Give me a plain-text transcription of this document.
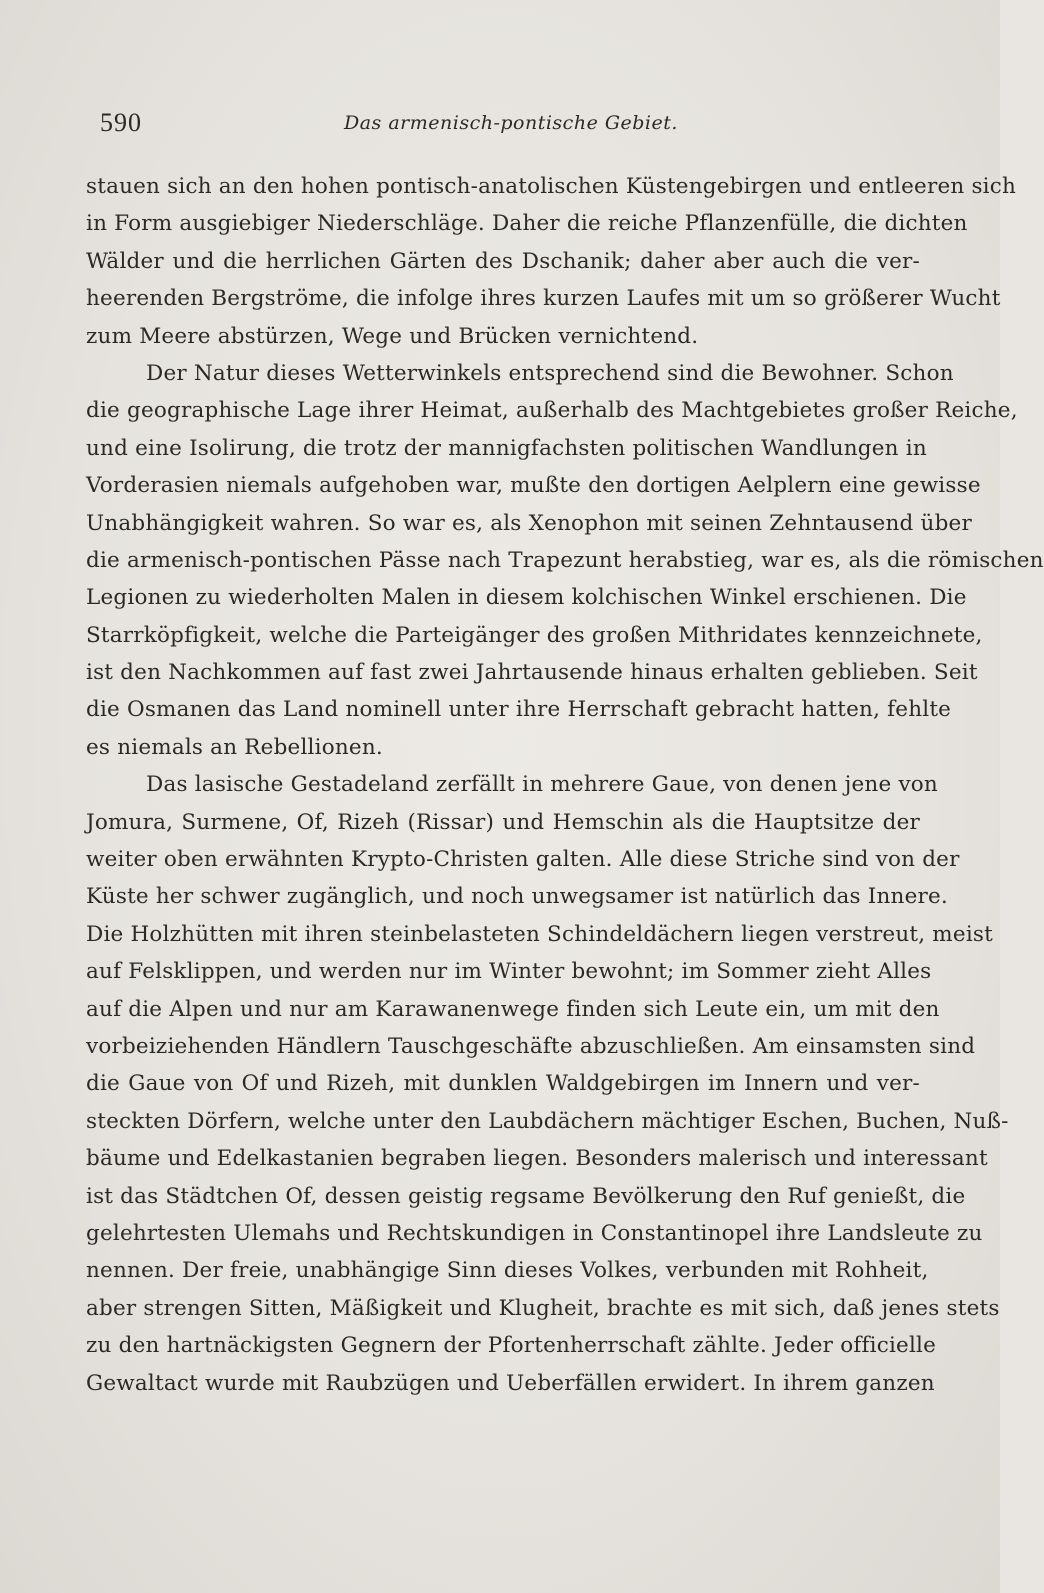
590	Das armenisch-pontische Gebiet.
stauen sich an den hohen pontisch-anatolischen Küstengebirgen und entleeren sich
in Form ausgiebiger Niederschläge. Daher die reiche Pflanzenfülle, die dichten
Wälder und die herrlichen Gärten des Dschanik; daher aber auch die ver-
heerenden Bergströme, die infolge ihres kurzen Laufes mit um so größerer Wucht
zum Meere abstürzen, Wege und Brücken vernichtend.
Der Natur dieses Wetterwinkels entsprechend sind die Bewohner. Schon
die geographische Lage ihrer Heimat, außerhalb des Machtgebietes großer Reiche,
und eine Isolirung, die trotz der mannigfachsten politischen Wandlungen in
Vorderasien niemals aufgehoben war, mußte den dortigen Aelplern eine gewisse
Unabhängigkeit wahren. So war es, als Xenophon mit seinen Zehntausend über
die armenisch-pontischen Pässe nach Trapezunt herabstieg, war es, als die römischen
Legionen zu wiederholten Malen in diesem kolchischen Winkel erschienen. Die
Starrköpfigkeit, welche die Parteigänger des großen Mithridates kennzeichnete,
ist den Nachkommen auf fast zwei Jahrtausende hinaus erhalten geblieben. Seit
die Osmanen das Land nominell unter ihre Herrschaft gebracht hatten, fehlte
es niemals an Rebellionen.
Das lasische Gestadeland zerfällt in mehrere Gaue, von denen jene von
Jomura, Surmene, Of, Rizeh (Rissar) und Hemschin als die Hauptsitze der
weiter oben erwähnten Krypto-Christen galten. Alle diese Striche sind von der
Küste her schwer zugänglich, und noch unwegsamer ist natürlich das Innere.
Die Holzhütten mit ihren steinbelasteten Schindeldächern liegen verstreut, meist
auf Felsklippen, und werden nur im Winter bewohnt; im Sommer zieht Alles
auf die Alpen und nur am Karawanenwege finden sich Leute ein, um mit den
vorbeiziehenden Händlern Tauschgeschäfte abzuschließen. Am einsamsten sind
die Gaue von Of und Rizeh, mit dunklen Waldgebirgen im Innern und ver-
steckten Dörfern, welche unter den Laubdächern mächtiger Eschen, Buchen, Nuß-
bäume und Edelkastanien begraben liegen. Besonders malerisch und interessant
ist das Städtchen Of, dessen geistig regsame Bevölkerung den Ruf genießt, die
gelehrtesten Ulemahs und Rechtskundigen in Constantinopel ihre Landsleute zu
nennen. Der freie, unabhängige Sinn dieses Volkes, verbunden mit Rohheit,
aber strengen Sitten, Mäßigkeit und Klugheit, brachte es mit sich, daß jenes stets
zu den hartnäckigsten Gegnern der Pfortenherrschaft zählte. Jeder officielle
Gewaltact wurde mit Raubzügen und Ueberfällen erwidert. In ihrem ganzen
